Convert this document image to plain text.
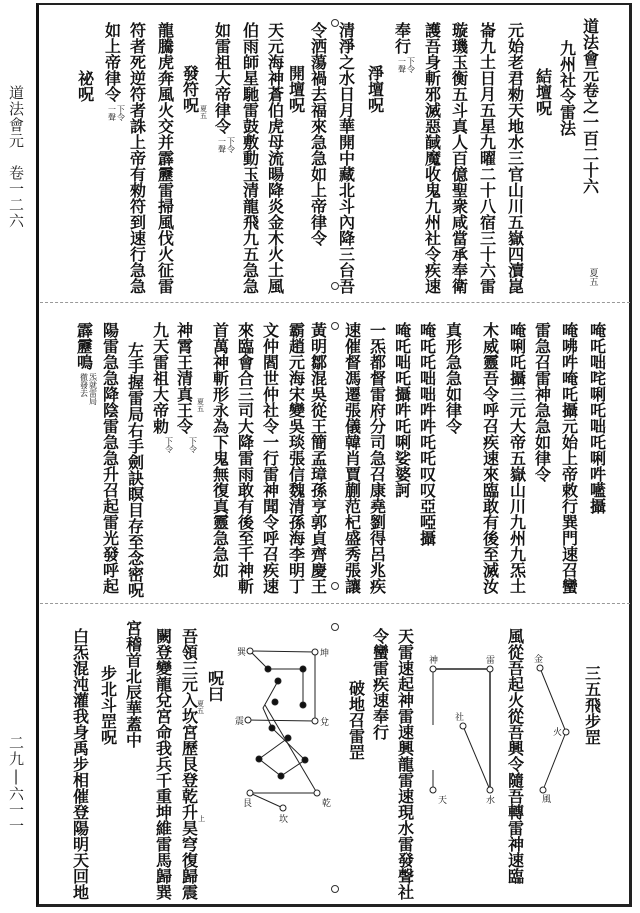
道法會元　卷一二六
二九|六一一
道法會元卷之一百二十六
夏五
九州社令雷法
結壇呪
元始老君勑天地水三官山川五嶽四瀆崑
崙九土日月五星九曜二十八宿三十六雷
璇璣玉衡五斗真人百億聖衆咸當承奉衛
護吾身斬邪滅惡馘魔收鬼九州社令疾速
奉行
下令
一聲
淨壇呪
清淨之水日月華開中藏北斗內降三台吾
令洒蕩禍去福來急急如上帝律令
開壇呪
天元海神蒼伯虎母流暘降炎金木火土風
伯雨師星馳雷鼓敷動玉清龍飛九五急急
如雷祖大帝律令
下令
一聲
發符呪 夏五
龍騰虎奔風火交并霹靂雷掃風伐火征雷
符者死逆符者誅上帝有勑符到速行急急
如上帝律令
下令
一聲
祕呪
唵吒咄咤唎吒咄吒唎吽㘕攝
唵咈吽唵吒攝元始上帝敕行巽門速召蠻
雷急召雷神急急如律令
唵唎吒攝三元大帝五嶽山川九州九炁土
木威靈吾令呼召疾速來臨敢有後至滅汝
真形急急如律令
唵吒吒咄咄吽吽吒吒叹叹亞啞攝
唵吒咄吒攝吽吒唎娑婆訶
一炁都督雷府分司急召康堯劉得呂兆疾
速催督馮遷張儀韓肖賈蒯范杞盛秀張讓
黃明鄒混吳從王簡孟璋孫亨郭貞齊慶王
霸趙元海宋變吳琰張信魏清孫海李明丁
文仲閻世仲社令一行雷神聞令呼召疾速
來臨會合三司大降雷雨敢有後至千神斬
首萬神斬形永為下鬼無復真靈急急如
神霄王清真王令
下令
夏五
九天雷祖大帝勅
下令
左手握雷局右手劍訣瞑目存至念密呪
陽雷急急降陰雷急急升召起雷光發呼起
霹靂鳴
炁就雷局
徹發去
三五飛步罡
風從吾起火從吾興令隨吾轉雷神速臨
天雷速起神雷速興龍雷速現水雷發聲社
令蠻雷疾速奉行
破地召雷罡
呪曰
吾領三元入坎宮歷艮登乾升昊穹復歸震
夏五
上
闕登變龍兌宮命我兵千重坤維雷馬歸巽
宮稽首北辰華蓋中
步北斗罡呪
白炁混沌灌我身禹步相催登陽明天回地	金
火
風
神	雷
社
天	水
巽	坤
震	兌
艮	乾
坎
